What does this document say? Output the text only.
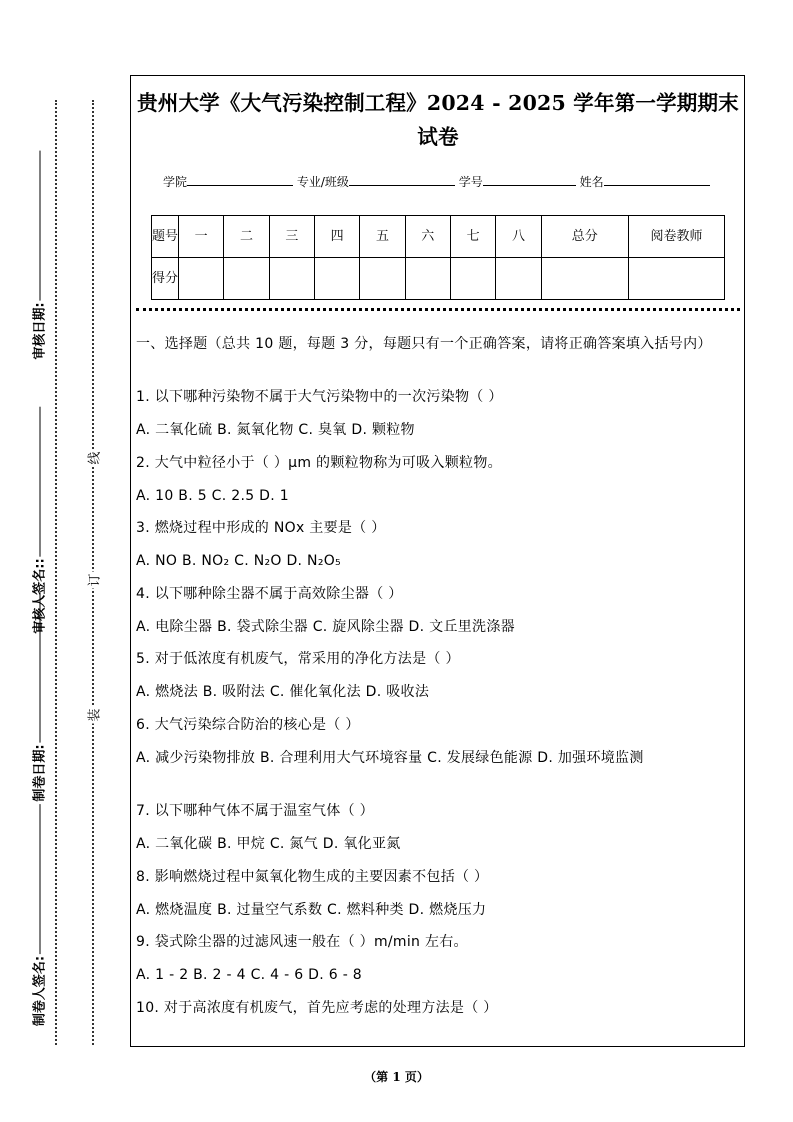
审核日期:
审核人签名::
制卷日期:
制卷人签名:
线
订
装
贵州大学《大气污染控制工程》2024 - 2025 学年第一学期期末试卷
学院	专业/班级	学号	姓名
题号	一	二	三	四	五	六	七	八	总分	阅卷教师
得分										
一、选择题（总共 10 题，每题 3 分，每题只有一个正确答案，请将正确答案填入括号内）
1. 以下哪种污染物不属于大气污染物中的一次污染物（ ）
A. 二氧化硫 B. 氮氧化物 C. 臭氧 D. 颗粒物
2. 大气中粒径小于（ ）μm 的颗粒物称为可吸入颗粒物。
A. 10 B. 5 C. 2.5 D. 1
3. 燃烧过程中形成的 NOx 主要是（ ）
A. NO B. NO₂ C. N₂O D. N₂O₅
4. 以下哪种除尘器不属于高效除尘器（ ）
A. 电除尘器 B. 袋式除尘器 C. 旋风除尘器 D. 文丘里洗涤器
5. 对于低浓度有机废气，常采用的净化方法是（ ）
A. 燃烧法 B. 吸附法 C. 催化氧化法 D. 吸收法
6. 大气污染综合防治的核心是（ ）
A. 减少污染物排放 B. 合理利用大气环境容量 C. 发展绿色能源 D. 加强环境监测
7. 以下哪种气体不属于温室气体（ ）
A. 二氧化碳 B. 甲烷 C. 氮气 D. 氧化亚氮
8. 影响燃烧过程中氮氧化物生成的主要因素不包括（ ）
A. 燃烧温度 B. 过量空气系数 C. 燃料种类 D. 燃烧压力
9. 袋式除尘器的过滤风速一般在（ ）m/min 左右。
A. 1 - 2 B. 2 - 4 C. 4 - 6 D. 6 - 8
10. 对于高浓度有机废气，首先应考虑的处理方法是（ ）
（第 1 页）
